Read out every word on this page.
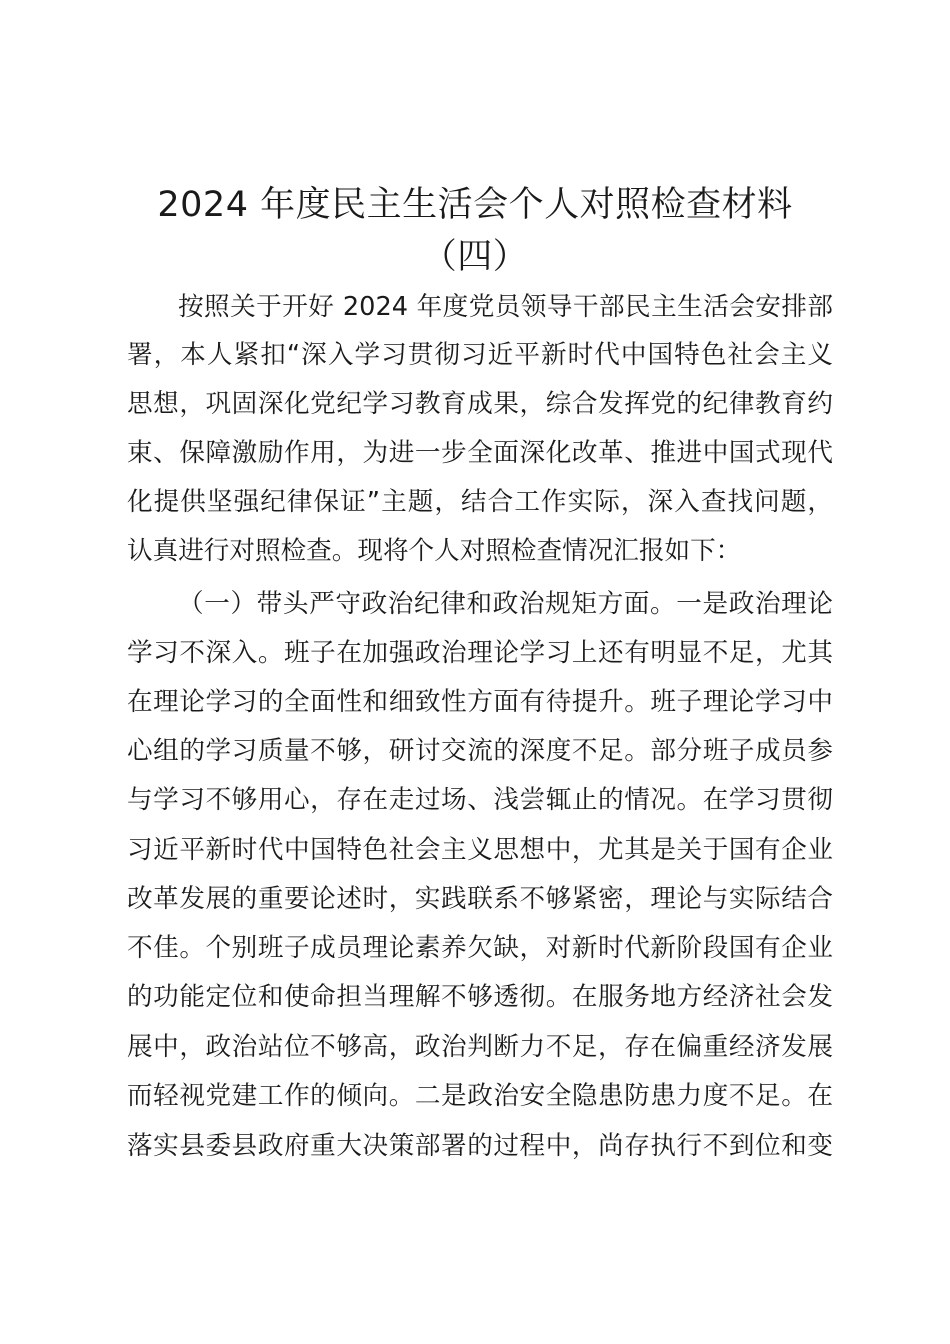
2024 年度民主生活会个人对照检查材料
（四）
按照关于开好 2024 年度党员领导干部民主生活会安排部
署，本人紧扣“深入学习贯彻习近平新时代中国特色社会主义
思想，巩固深化党纪学习教育成果，综合发挥党的纪律教育约
束、保障激励作用，为进一步全面深化改革、推进中国式现代
化提供坚强纪律保证”主题，结合工作实际，深入查找问题，
认真进行对照检查。现将个人对照检查情况汇报如下：
（一）带头严守政治纪律和政治规矩方面。一是政治理论
学习不深入。班子在加强政治理论学习上还有明显不足，尤其
在理论学习的全面性和细致性方面有待提升。班子理论学习中
心组的学习质量不够，研讨交流的深度不足。部分班子成员参
与学习不够用心，存在走过场、浅尝辄止的情况。在学习贯彻
习近平新时代中国特色社会主义思想中，尤其是关于国有企业
改革发展的重要论述时，实践联系不够紧密，理论与实际结合
不佳。个别班子成员理论素养欠缺，对新时代新阶段国有企业
的功能定位和使命担当理解不够透彻。在服务地方经济社会发
展中，政治站位不够高，政治判断力不足，存在偏重经济发展
而轻视党建工作的倾向。二是政治安全隐患防患力度不足。在
落实县委县政府重大决策部署的过程中，尚存执行不到位和变
